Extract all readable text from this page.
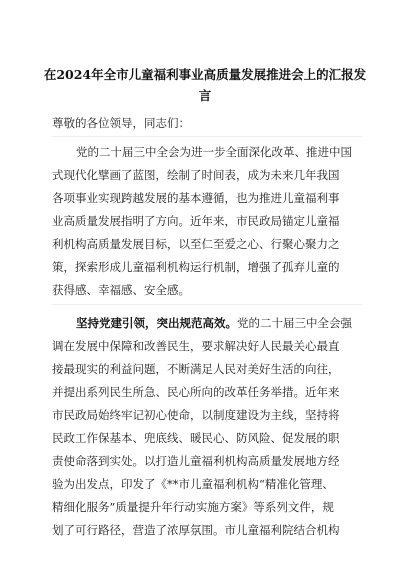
在2024年全市儿童福利事业高质量发展推进会上的汇报发
言

尊敬的各位领导，同志们：

党的二十届三中全会为进一步全面深化改革、推进中国

式现代化擘画了蓝图，绘制了时间表，成为未来几年我国

各项事业实现跨越发展的基本遵循，也为推进儿童福利事

业高质量发展指明了方向。近年来，市民政局锚定儿童福

利机构高质量发展目标，以至仁至爱之心、行聚心聚力之

策，探索形成儿童福利机构运行机制，增强了孤弃儿童的

获得感、幸福感、安全感。

坚持党建引领，突出规范高效。党的二十届三中全会强

调在发展中保障和改善民生，要求解决好人民最关心最直

接最现实的利益问题，不断满足人民对美好生活的向往，

并提出系列民生所急、民心所向的改革任务举措。近年来

市民政局始终牢记初心使命，以制度建设为主线，坚持将

民政工作保基本、兜底线、暖民心、防风险、促发展的职

责使命落到实处。以打造儿童福利机构高质量发展地方经

验为出发点，印发了《**市儿童福利机构“精准化管理、

精细化服务”质量提升年行动实施方案》等系列文件，规

划了可行路径，营造了浓厚氛围。市儿童福利院结合机构
